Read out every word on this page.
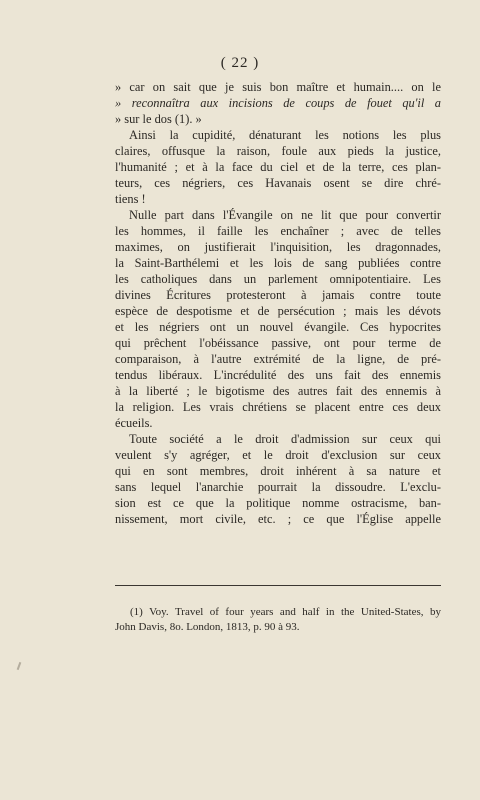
( 22 )
» car on sait que je suis bon maître et humain.... on le
» reconnaîtra aux incisions de coups de fouet qu'il a
» sur le dos (1). »
Ainsi la cupidité, dénaturant les notions les plus
claires, offusque la raison, foule aux pieds la justice,
l'humanité ; et à la face du ciel et de la terre, ces plan-
teurs, ces négriers, ces Havanais osent se dire chré-
tiens !
Nulle part dans l'Évangile on ne lit que pour convertir
les hommes, il faille les enchaîner ; avec de telles
maximes, on justifierait l'inquisition, les dragonnades,
la Saint-Barthélemi et les lois de sang publiées contre
les catholiques dans un parlement omnipotentiaire. Les
divines Écritures protesteront à jamais contre toute
espèce de despotisme et de persécution ; mais les dévots
et les négriers ont un nouvel évangile. Ces hypocrites
qui prêchent l'obéissance passive, ont pour terme de
comparaison, à l'autre extrémité de la ligne, de pré-
tendus libéraux. L'incrédulité des uns fait des ennemis
à la liberté ; le bigotisme des autres fait des ennemis à
la religion. Les vrais chrétiens se placent entre ces deux
écueils.
Toute société a le droit d'admission sur ceux qui
veulent s'y agréger, et le droit d'exclusion sur ceux
qui en sont membres, droit inhérent à sa nature et
sans lequel l'anarchie pourrait la dissoudre. L'exclu-
sion est ce que la politique nomme ostracisme, ban-
nissement, mort civile, etc. ; ce que l'Église appelle
(1) Voy. Travel of four years and half in the United-States, by
John Davis, 8o. London, 1813, p. 90 à 93.
